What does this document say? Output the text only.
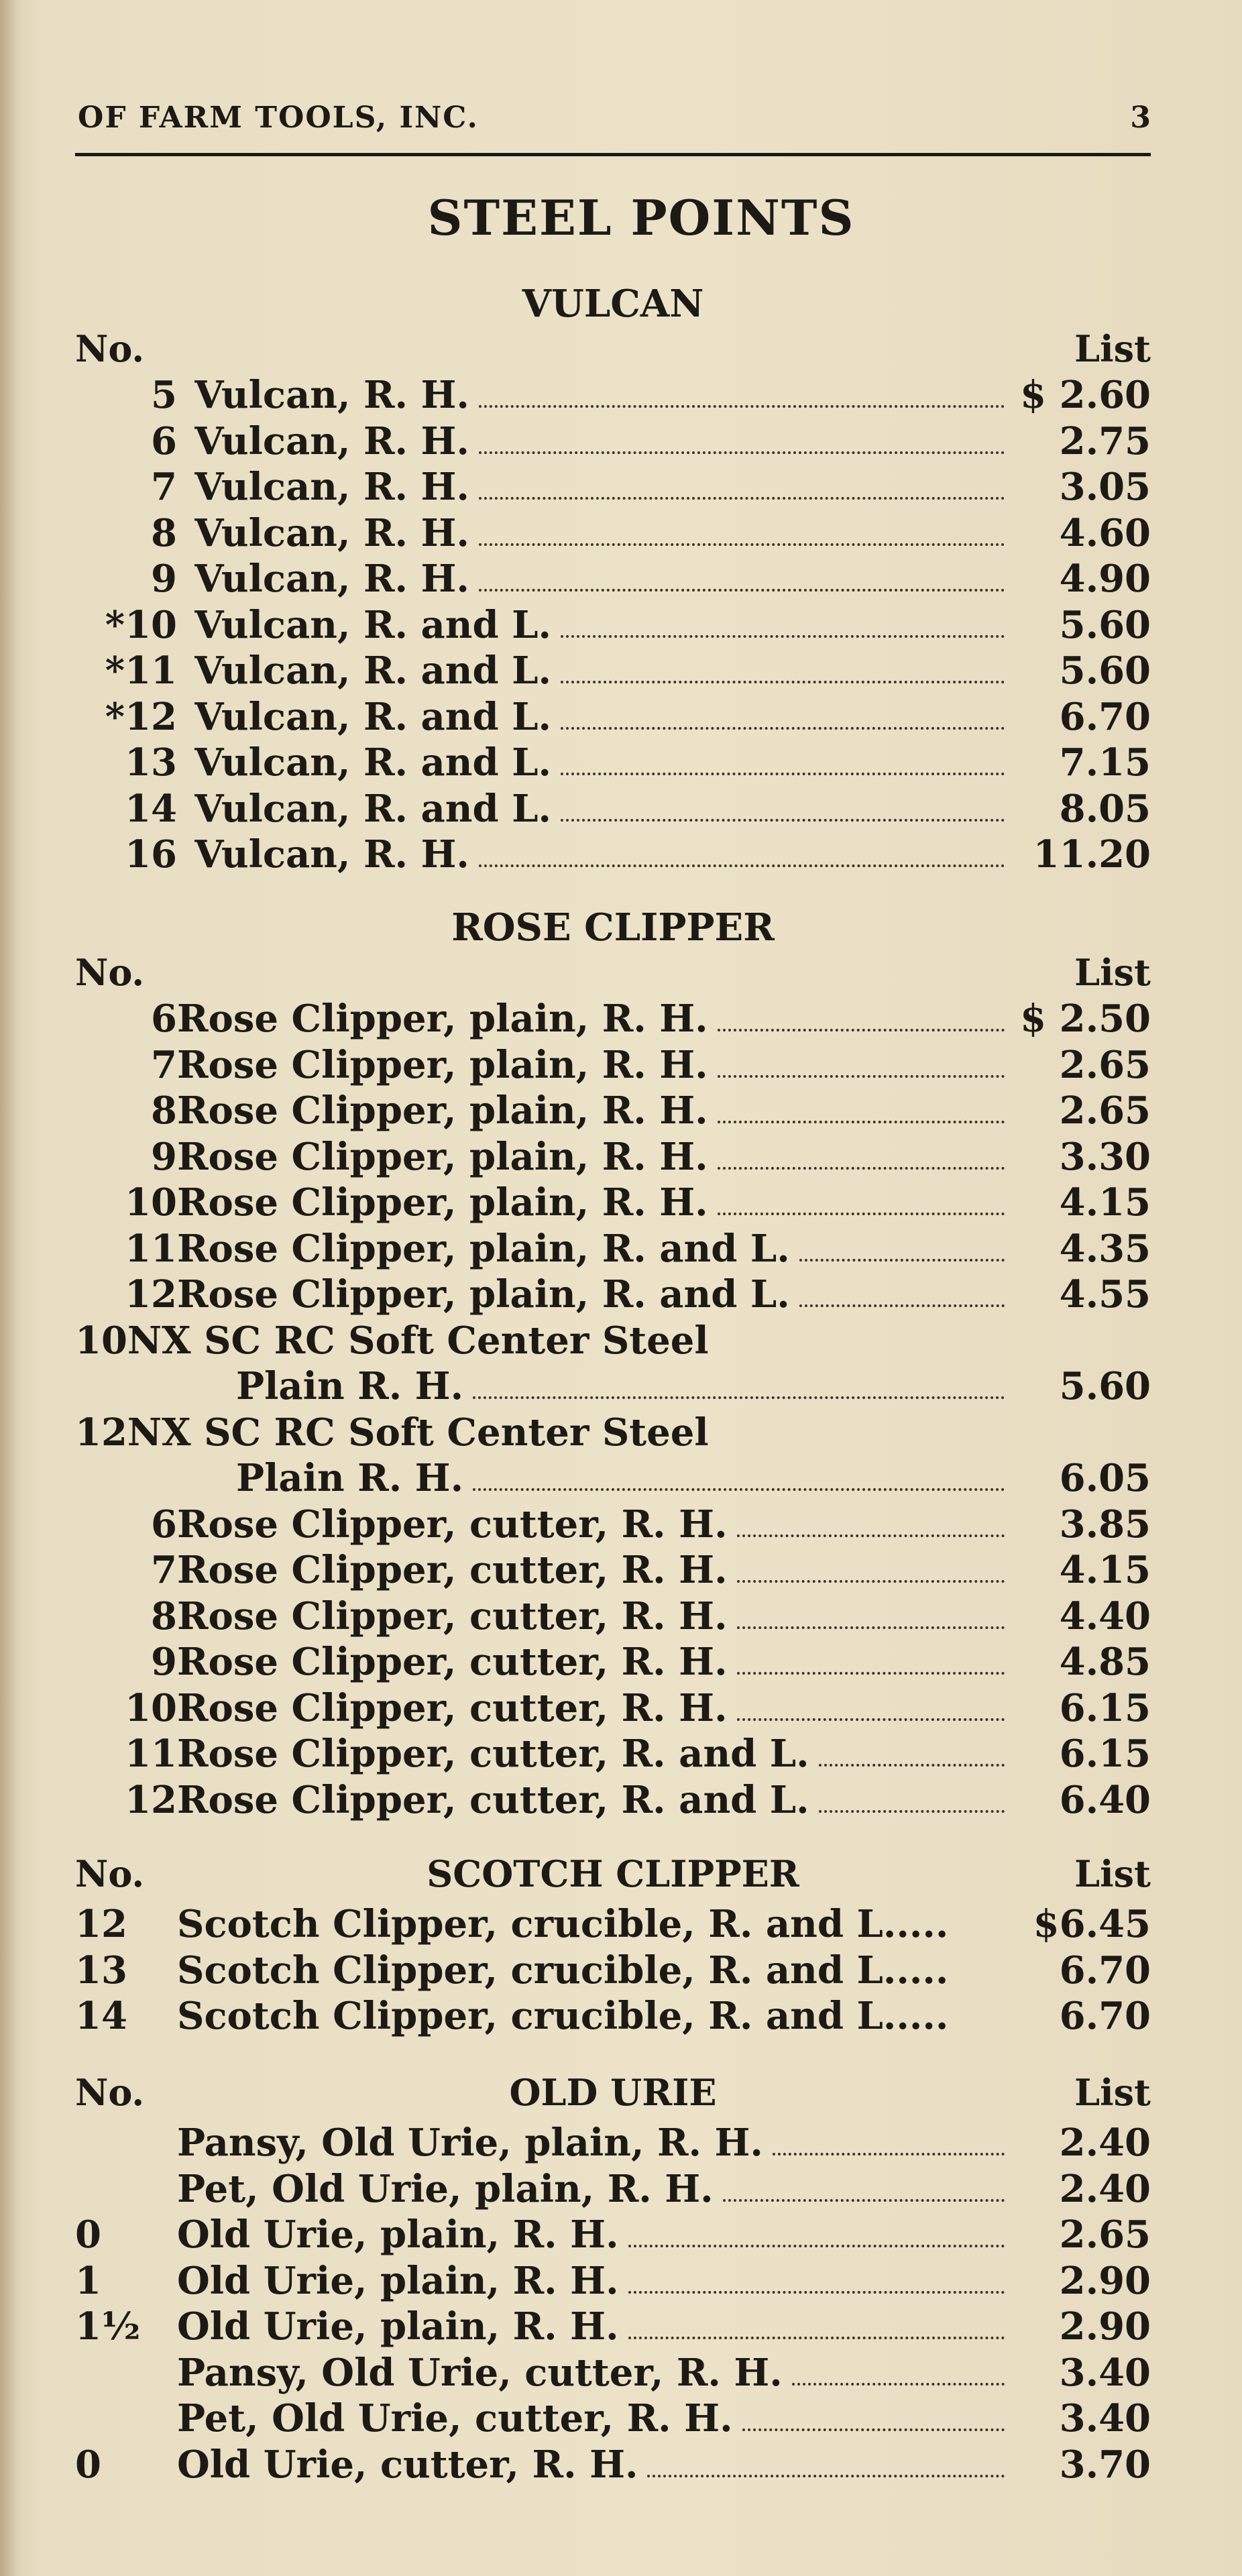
OF FARM TOOLS, INC.	3
STEEL POINTS
VULCAN
No.	List
5 Vulcan, R. H.	$ 2.60
6 Vulcan, R. H.	2.75
7 Vulcan, R. H.	3.05
8 Vulcan, R. H.	4.60
9 Vulcan, R. H.	4.90
*10 Vulcan, R. and L.	5.60
*11 Vulcan, R. and L.	5.60
*12 Vulcan, R. and L.	6.70
13 Vulcan, R. and L.	7.15
14 Vulcan, R. and L.	8.05
16 Vulcan, R. H.	11.20
ROSE CLIPPER
No.	List
6 Rose Clipper, plain, R. H.	$ 2.50
7 Rose Clipper, plain, R. H.	2.65
8 Rose Clipper, plain, R. H.	2.65
9 Rose Clipper, plain, R. H.	3.30
10 Rose Clipper, plain, R. H.	4.15
11 Rose Clipper, plain, R. and L.	4.35
12 Rose Clipper, plain, R. and L.	4.55
10NX SC RC Soft Center Steel
Plain R. H.	5.60
12NX SC RC Soft Center Steel
Plain R. H.	6.05
6 Rose Clipper, cutter, R. H.	3.85
7 Rose Clipper, cutter, R. H.	4.15
8 Rose Clipper, cutter, R. H.	4.40
9 Rose Clipper, cutter, R. H.	4.85
10 Rose Clipper, cutter, R. H.	6.15
11 Rose Clipper, cutter, R. and L.	6.15
12 Rose Clipper, cutter, R. and L.	6.40
No.	SCOTCH CLIPPER	List
12 Scotch Clipper, crucible, R. and L..... $6.45
13 Scotch Clipper, crucible, R. and L.....	6.70
14 Scotch Clipper, crucible, R. and L.....	6.70
No.	OLD URIE	List
Pansy, Old Urie, plain, R. H.	2.40
Pet, Old Urie, plain, R. H.	2.40
0 Old Urie, plain, R. H.	2.65
1 Old Urie, plain, R. H.	2.90
1½ Old Urie, plain, R. H.	2.90
Pansy, Old Urie, cutter, R. H.	3.40
Pet, Old Urie, cutter, R. H.	3.40
0 Old Urie, cutter, R. H.	3.70
